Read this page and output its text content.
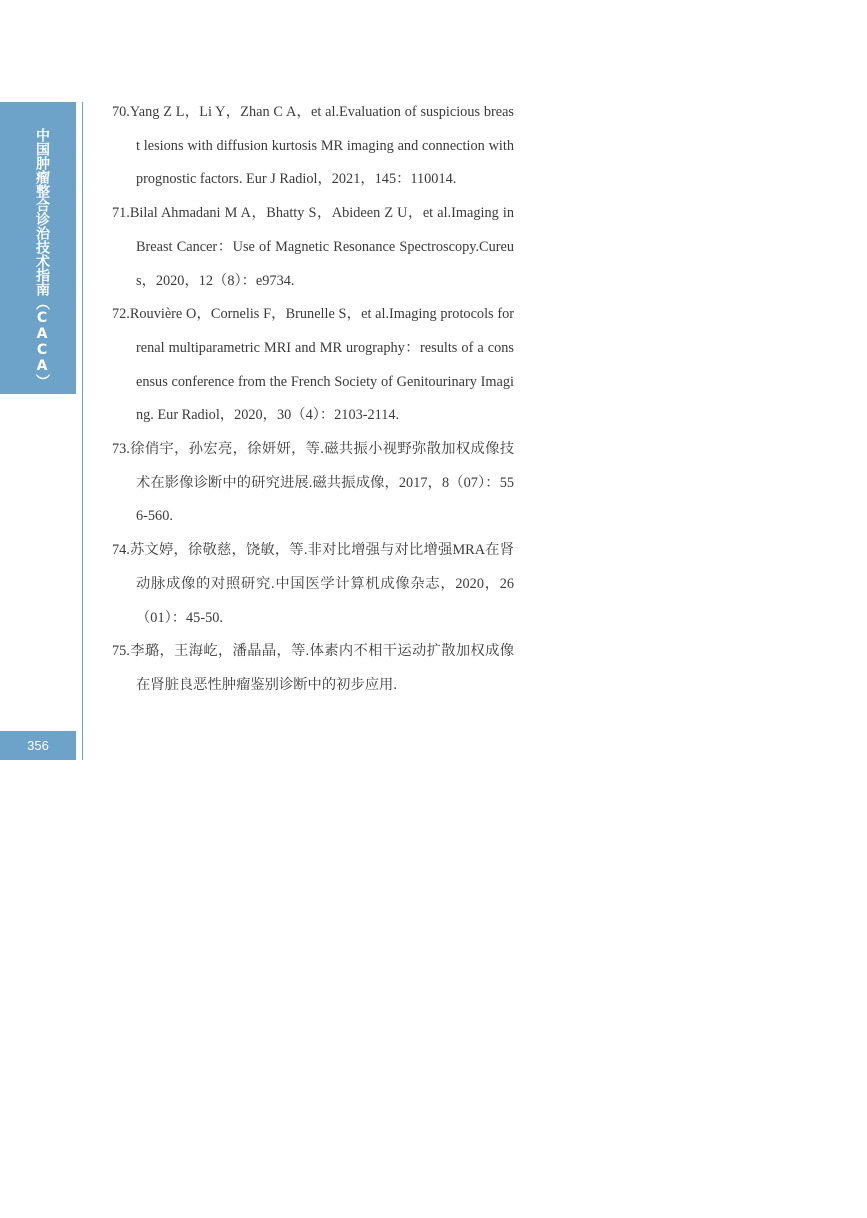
中国肿瘤整合诊治技术指南（CACA）
356
70.Yang Z L，Li Y，Zhan C A，et al.Evaluation of suspicious breast lesions with diffusion kurtosis MR imaging and connection with prognostic factors. Eur J Radiol，2021，145：110014.
71.Bilal Ahmadani M A，Bhatty S，Abideen Z U，et al.Imaging in Breast Cancer：Use of Magnetic Resonance Spectroscopy.Cureus，2020，12（8）：e9734.
72.Rouvière O，Cornelis F，Brunelle S，et al.Imaging protocols for renal multiparametric MRI and MR urography：results of a consensus conference from the French Society of Genitourinary Imaging. Eur Radiol，2020，30（4）：2103-2114.
73.徐俏宇，孙宏亮，徐妍妍，等.磁共振小视野弥散加权成像技术在影像诊断中的研究进展.磁共振成像，2017，8（07）：556-560.
74.苏文婷，徐敬慈，饶敏，等.非对比增强与对比增强MRA在肾动脉成像的对照研究.中国医学计算机成像杂志，2020，26（01）：45-50.
75.李璐，王海屹，潘晶晶，等.体素内不相干运动扩散加权成像在肾脏良恶性肿瘤鉴别诊断中的初步应用.
